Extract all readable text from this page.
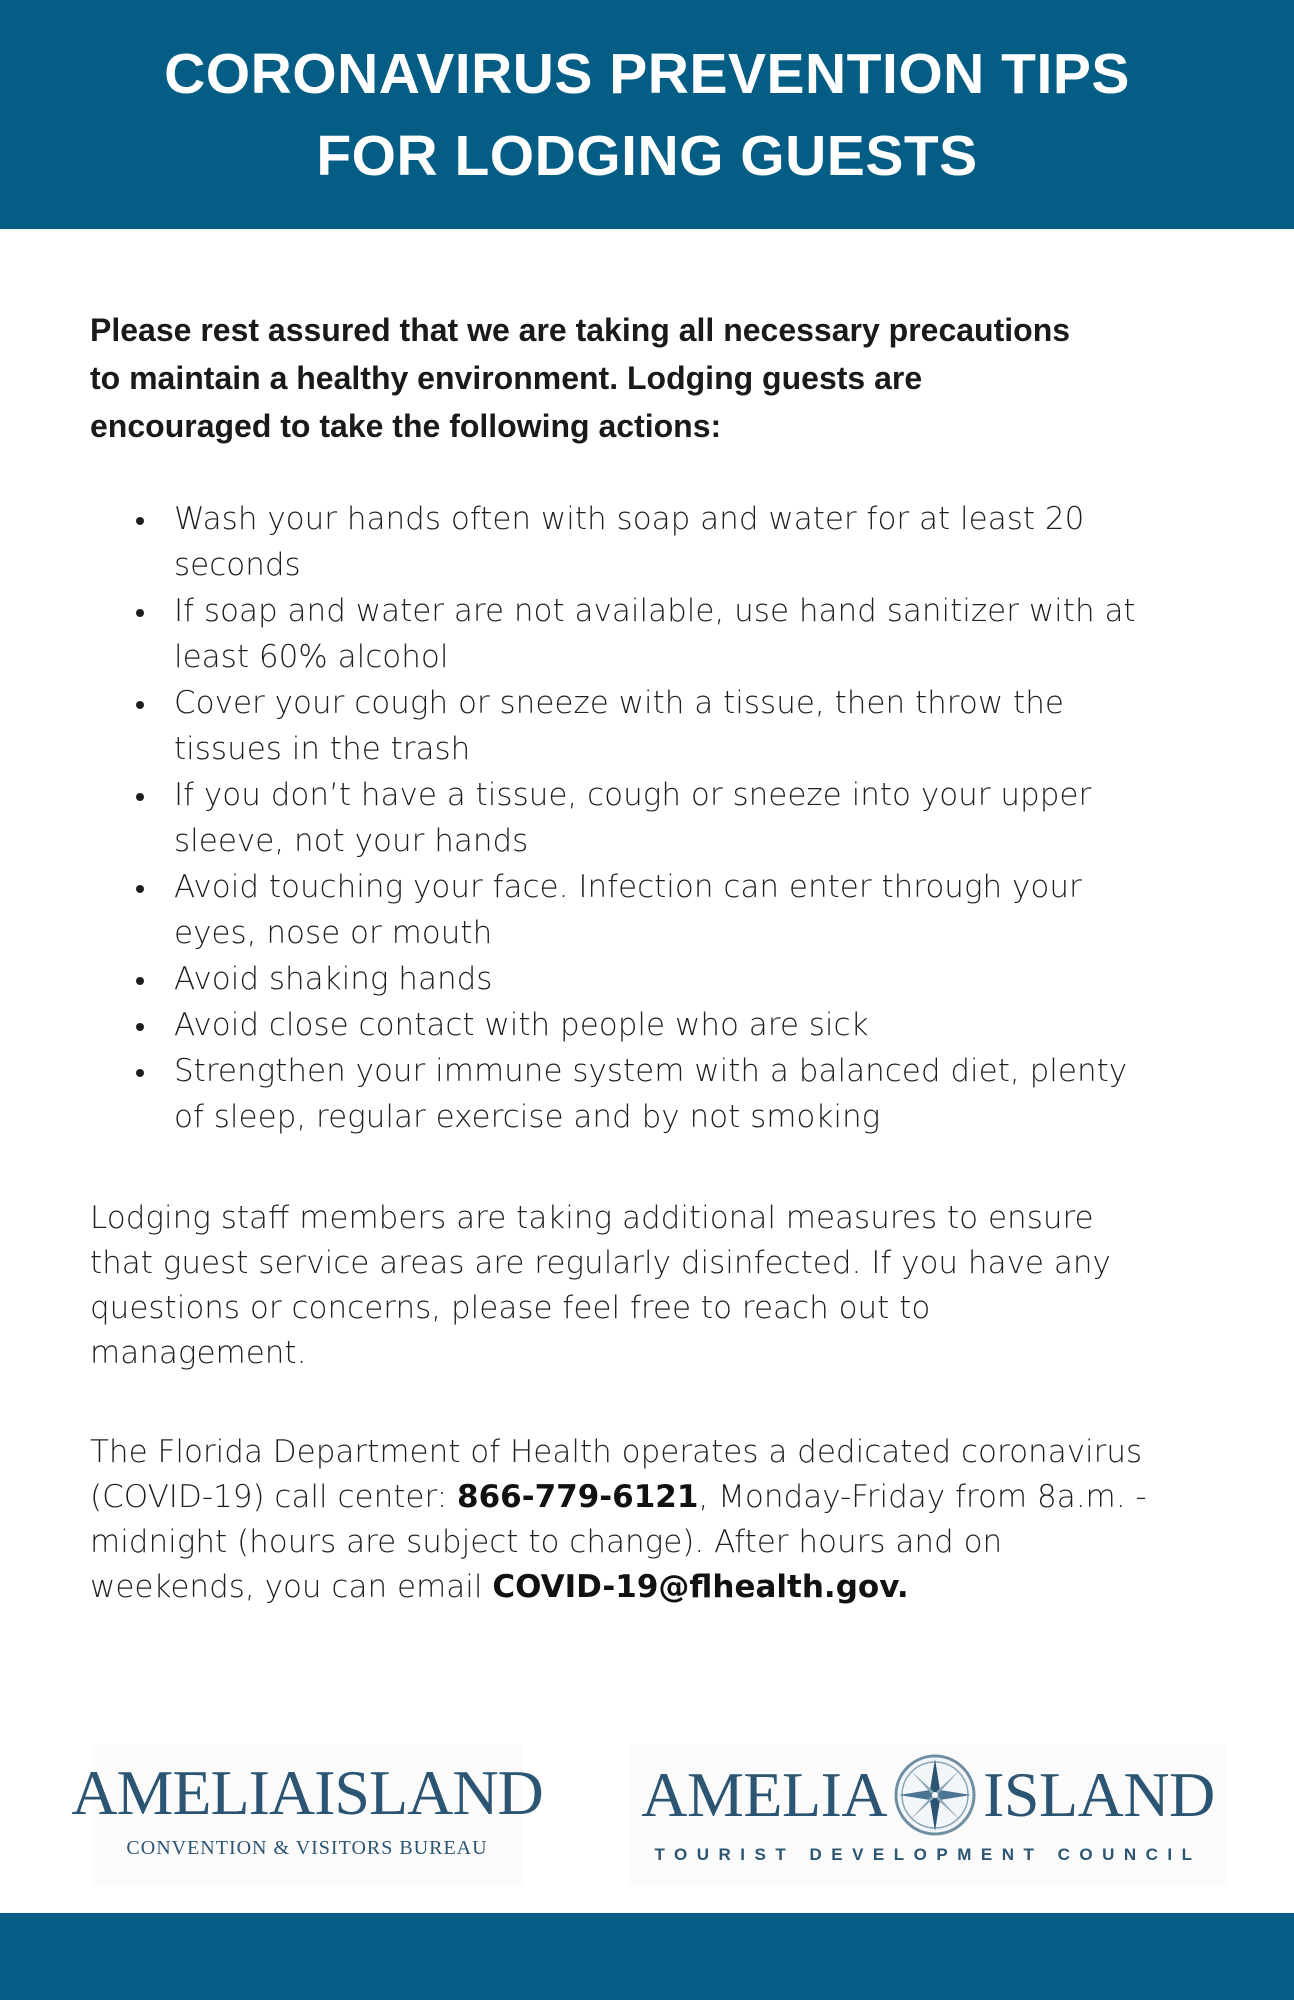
CORONAVIRUS PREVENTION TIPS
FOR LODGING GUESTS

Please rest assured that we are taking all necessary precautions
to maintain a healthy environment. Lodging guests are
encouraged to take the following actions:

Wash your hands often with soap and water for at least 20
seconds
If soap and water are not available, use hand sanitizer with at
least 60% alcohol
Cover your cough or sneeze with a tissue, then throw the
tissues in the trash
If you don’t have a tissue, cough or sneeze into your upper
sleeve, not your hands
Avoid touching your face. Infection can enter through your
eyes, nose or mouth
Avoid shaking hands
Avoid close contact with people who are sick
Strengthen your immune system with a balanced diet, plenty
of sleep, regular exercise and by not smoking

Lodging staff members are taking additional measures to ensure
that guest service areas are regularly disinfected. If you have any
questions or concerns, please feel free to reach out to
management.

The Florida Department of Health operates a dedicated coronavirus
(COVID-19) call center: 866-779-6121, Monday-Friday from 8a.m. -
midnight (hours are subject to change). After hours and on
weekends, you can email COVID-19@flhealth.gov.

AMELIA ISLAND
CONVENTION & VISITORS BUREAU
AMELIA ISLAND
TOURIST DEVELOPMENT COUNCIL
